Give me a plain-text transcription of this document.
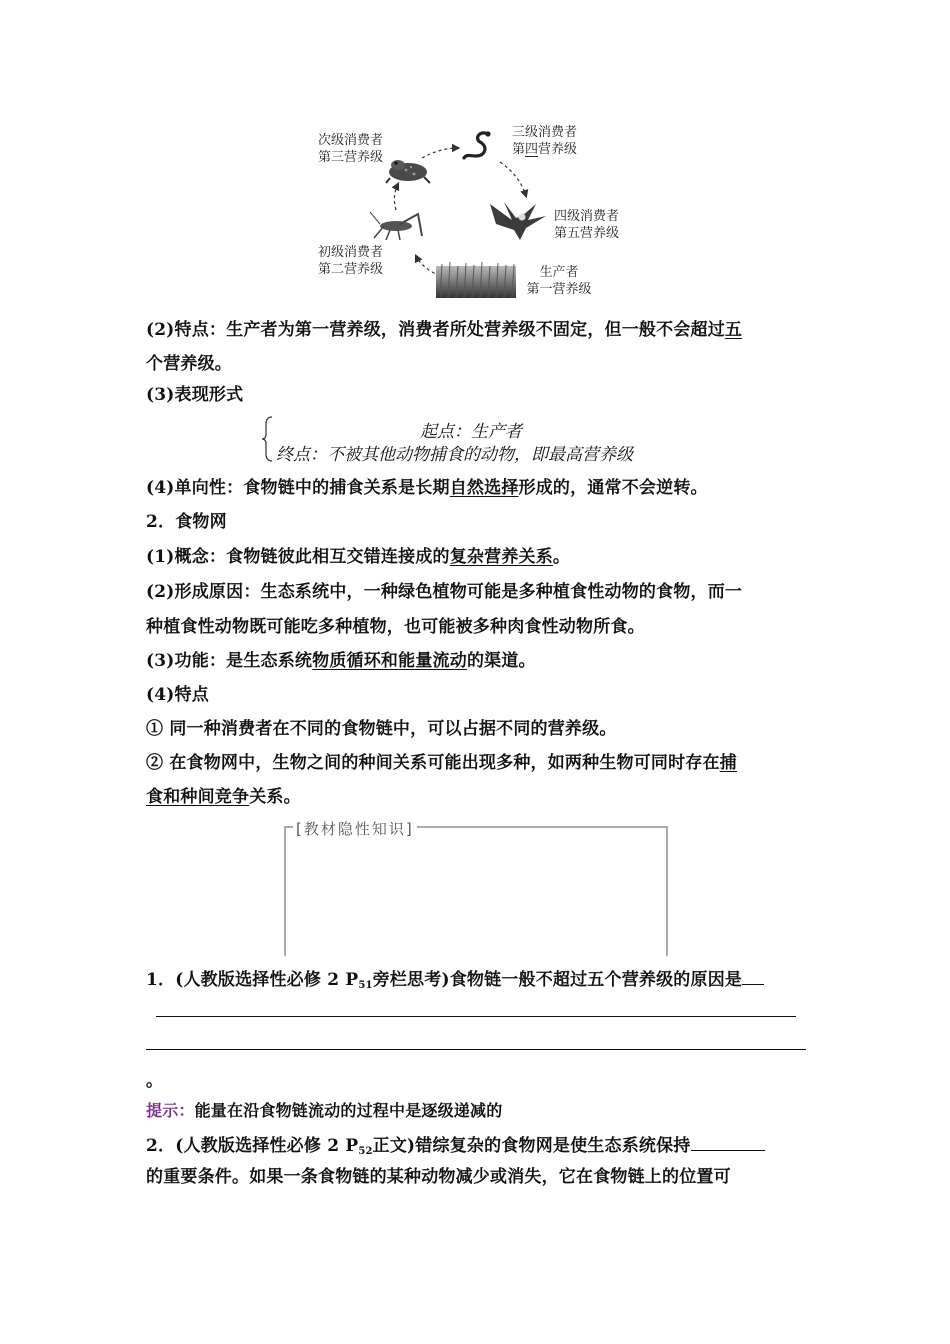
次级消费者
第三营养级
三级消费者
第四营养级
四级消费者
第五营养级
初级消费者
第二营养级	生产者
第一营养级
(2)特点：生产者为第一营养级，消费者所处营养级不固定，但一般不会超过五
个营养级。
(3)表现形式
起点：生产者
终点：不被其他动物捕食的动物，即最高营养级
(4)单向性：食物链中的捕食关系是长期自然选择形成的，通常不会逆转。
2．食物网
(1)概念：食物链彼此相互交错连接成的复杂营养关系。
(2)形成原因：生态系统中，一种绿色植物可能是多种植食性动物的食物，而一
种植食性动物既可能吃多种植物，也可能被多种肉食性动物所食。
(3)功能：是生态系统物质循环和能量流动的渠道。
(4)特点
① 同一种消费者在不同的食物链中，可以占据不同的营养级。
② 在食物网中，生物之间的种间关系可能出现多种，如两种生物可同时存在捕
食和种间竞争关系。
[教材隐性知识]
1．(人教版选择性必修 2 $P_{51}$旁栏思考)食物链一般不超过五个营养级的原因是
。
提示：能量在沿食物链流动的过程中是逐级递减的
2．(人教版选择性必修 2 $P_{52}$正文)错综复杂的食物网是使生态系统保持
的重要条件。如果一条食物链的某种动物减少或消失，它在食物链上的位置可
